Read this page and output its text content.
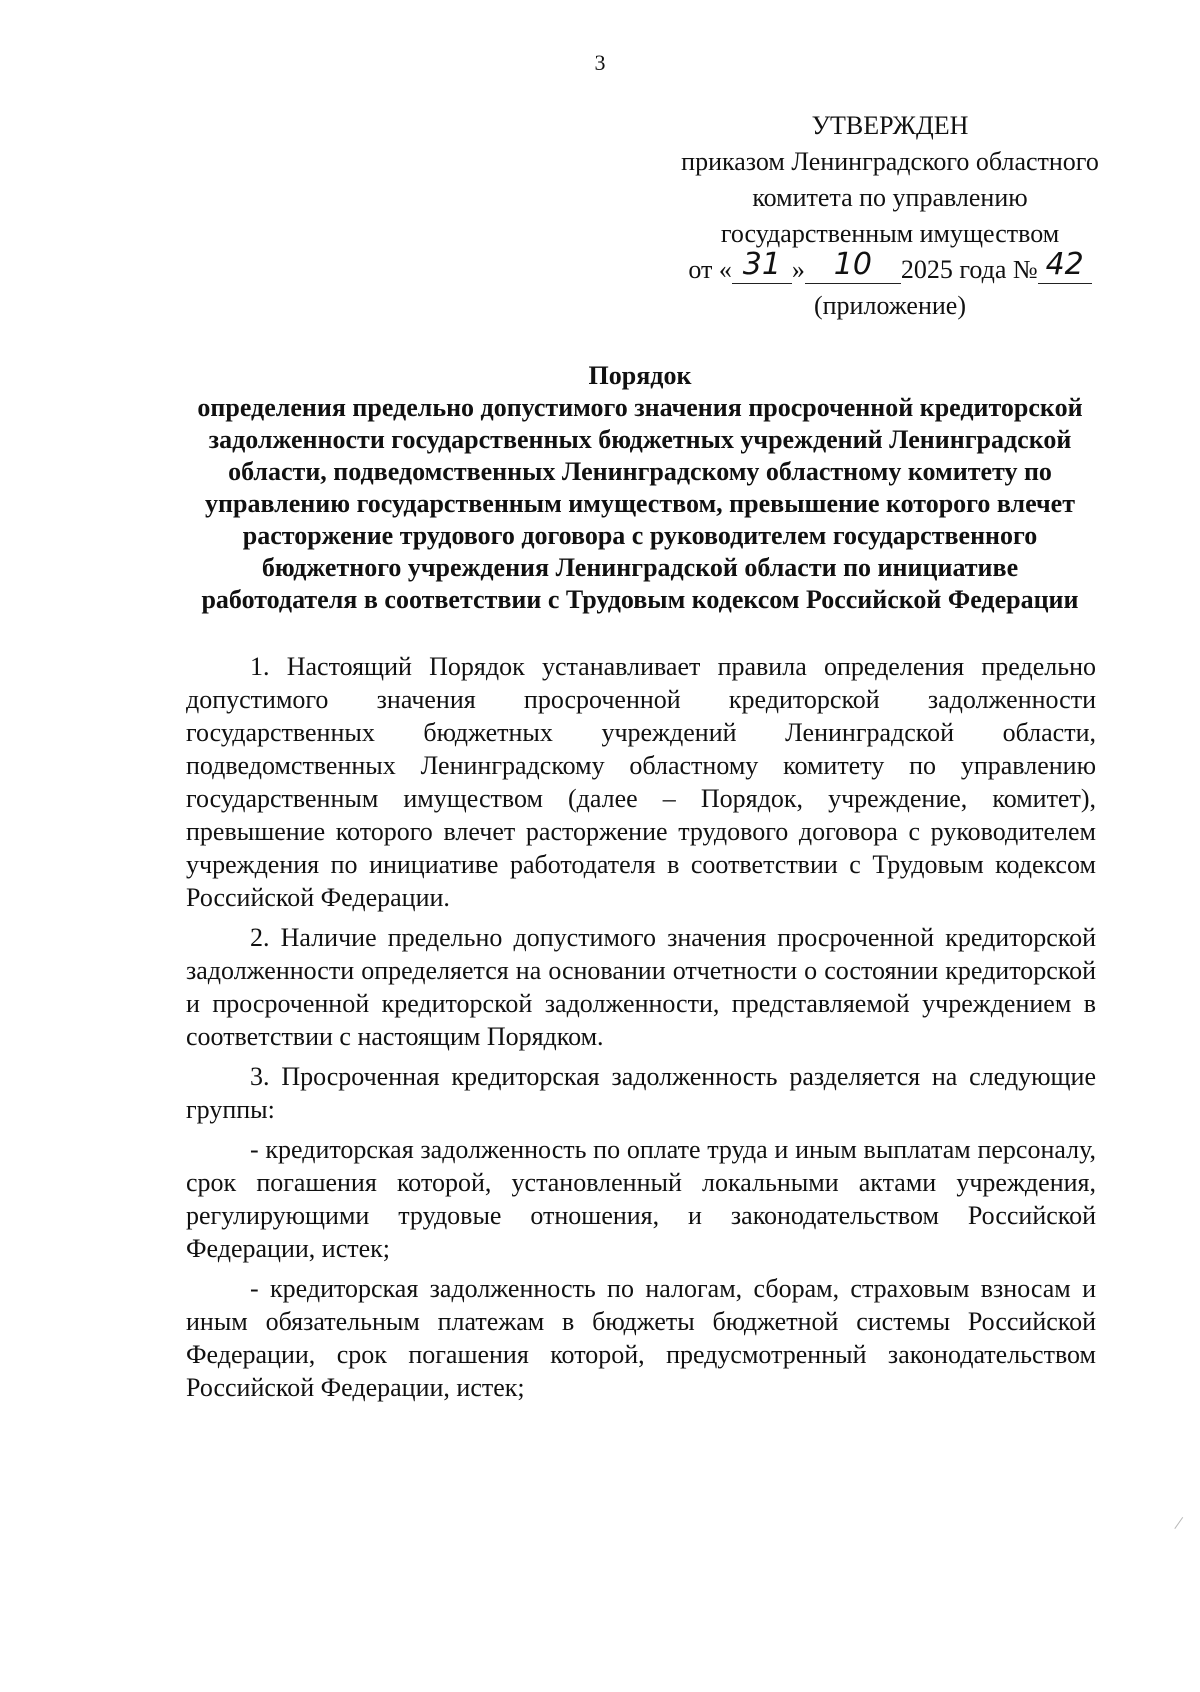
3
УТВЕРЖДЕН
приказом Ленинградского областного
комитета по управлению
государственным имуществом
от « 31 » 10 2025 года № 42
(приложение)
Порядок
определения предельно допустимого значения просроченной кредиторской
задолженности государственных бюджетных учреждений Ленинградской
области, подведомственных Ленинградскому областному комитету по
управлению государственным имуществом, превышение которого влечет
расторжение трудового договора с руководителем государственного
бюджетного учреждения Ленинградской области по инициативе
работодателя в соответствии с Трудовым кодексом Российской Федерации

1. Настоящий Порядок устанавливает правила определения предельно допустимого значения просроченной кредиторской задолженности государственных бюджетных учреждений Ленинградской области, подведомственных Ленинградскому областному комитету по управлению государственным имуществом (далее – Порядок, учреждение, комитет), превышение которого влечет расторжение трудового договора с руководителем учреждения по инициативе работодателя в соответствии с Трудовым кодексом Российской Федерации.

2. Наличие предельно допустимого значения просроченной кредиторской задолженности определяется на основании отчетности о состоянии кредиторской и просроченной кредиторской задолженности, представляемой учреждением в соответствии с настоящим Порядком.

3. Просроченная кредиторская задолженность разделяется на следующие группы:

- кредиторская задолженность по оплате труда и иным выплатам персоналу, срок погашения которой, установленный локальными актами учреждения, регулирующими трудовые отношения, и законодательством Российской Федерации, истек;

- кредиторская задолженность по налогам, сборам, страховым взносам и иным обязательным платежам в бюджеты бюджетной системы Российской Федерации, срок погашения которой, предусмотренный законодательством Российской Федерации, истек;
